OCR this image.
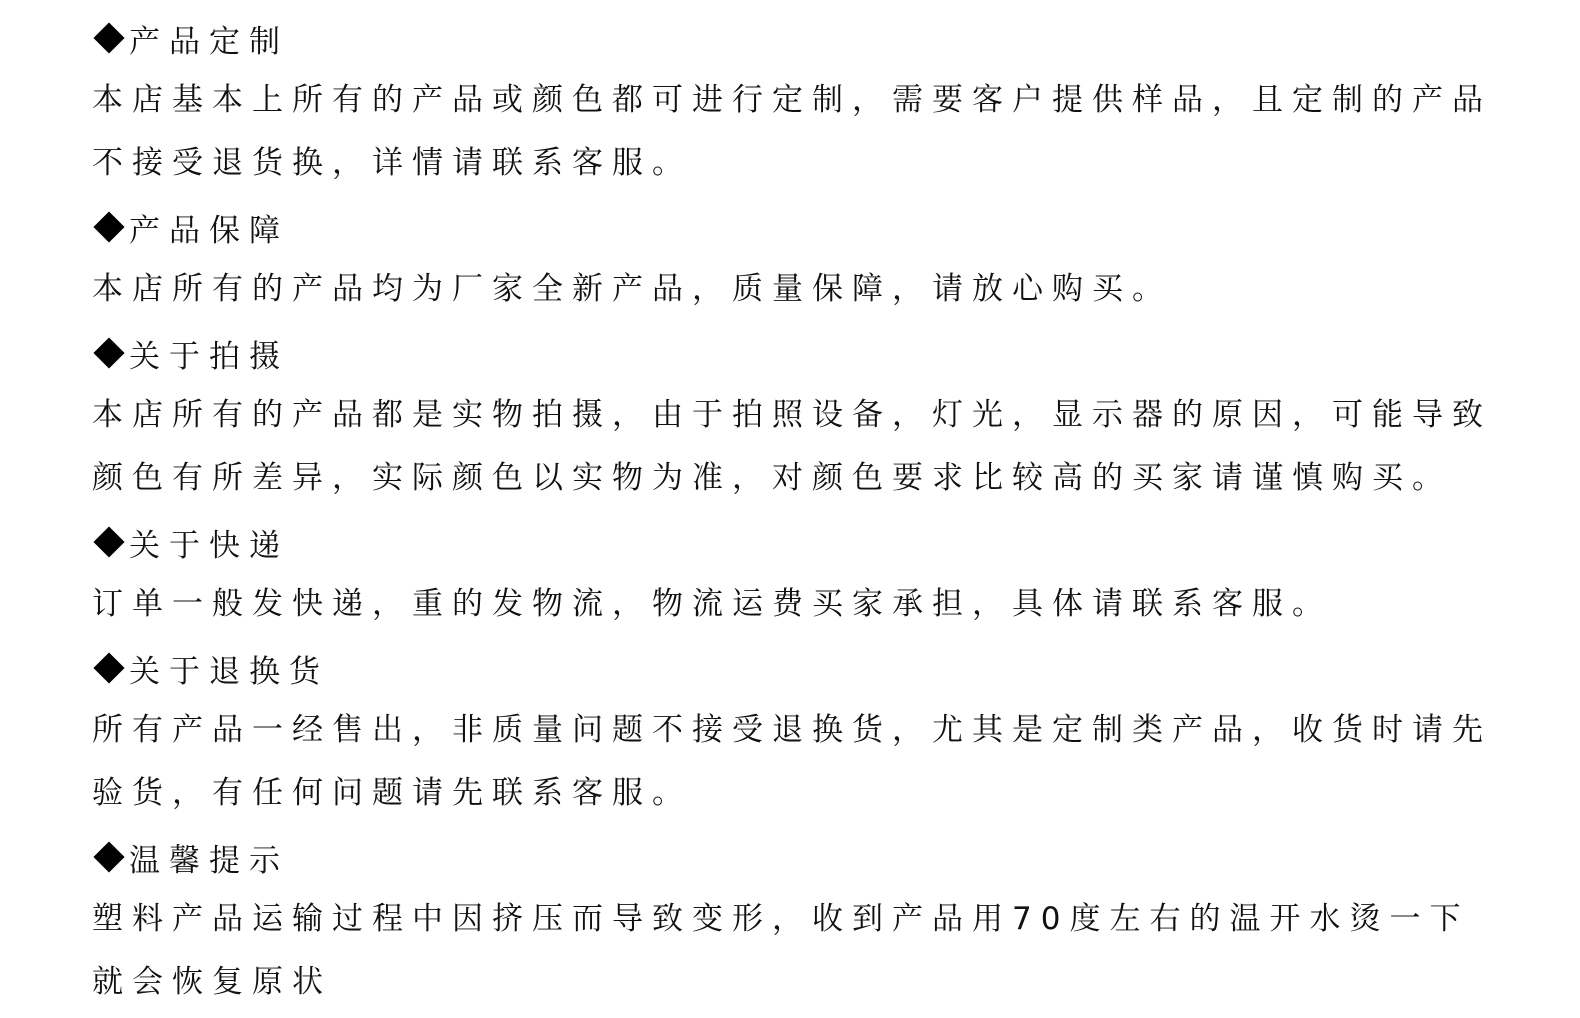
产品定制

本店基本上所有的产品或颜色都可进行定制，需要客户提供样品，且定制的产品
不接受退货换，详情请联系客服。

产品保障

本店所有的产品均为厂家全新产品，质量保障，请放心购买。

关于拍摄

本店所有的产品都是实物拍摄，由于拍照设备，灯光，显示器的原因，可能导致
颜色有所差异，实际颜色以实物为准，对颜色要求比较高的买家请谨慎购买。

关于快递

订单一般发快递，重的发物流，物流运费买家承担，具体请联系客服。

关于退换货

所有产品一经售出，非质量问题不接受退换货，尤其是定制类产品，收货时请先
验货，有任何问题请先联系客服。

温馨提示

塑料产品运输过程中因挤压而导致变形，收到产品用70度左右的温开水烫一下
就会恢复原状
